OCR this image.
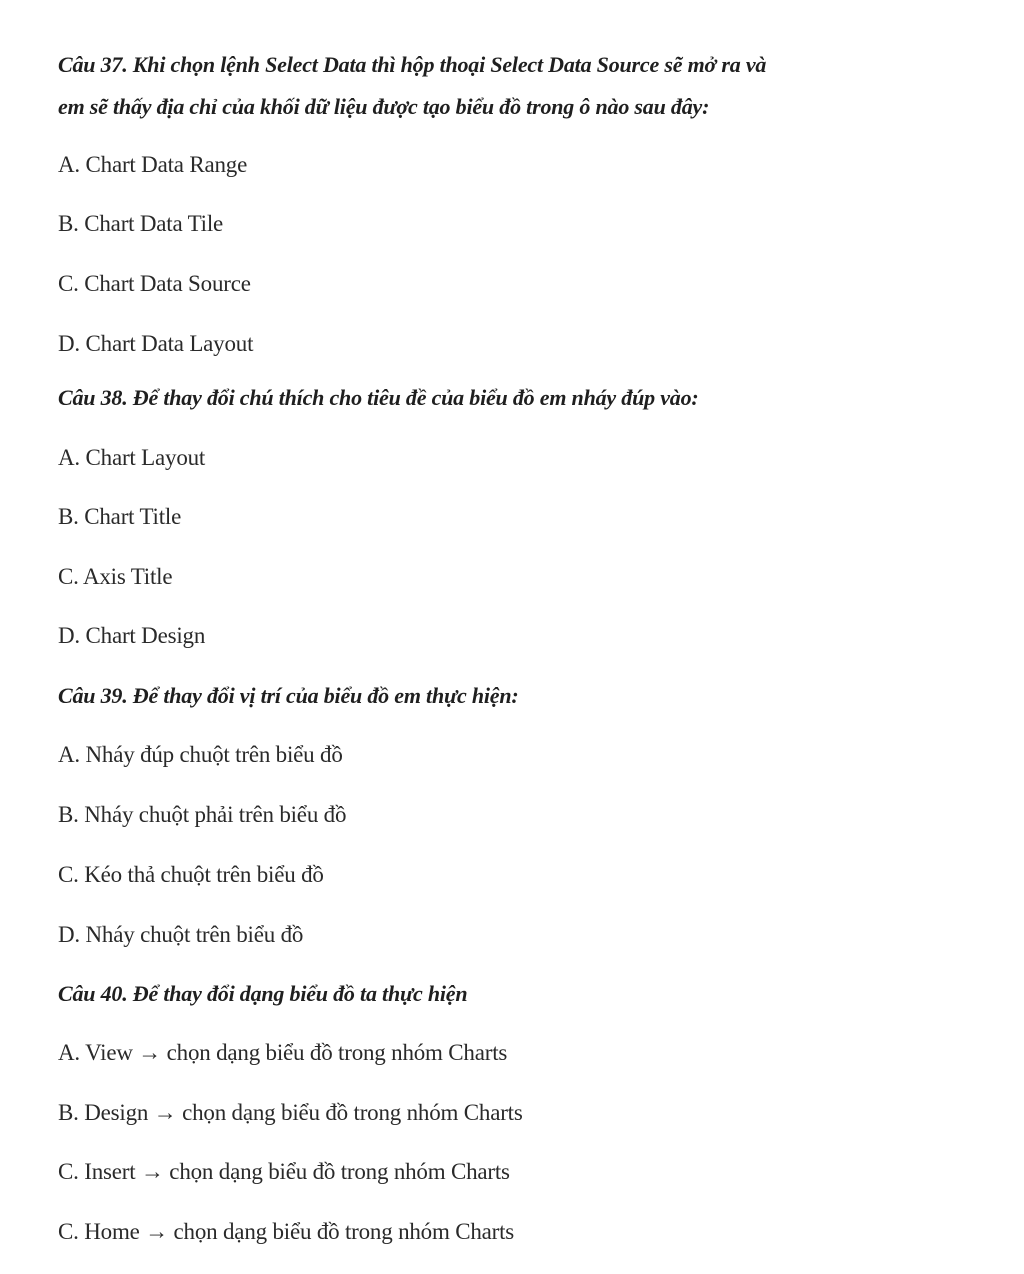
Câu 37. Khi chọn lệnh Select Data thì hộp thoại Select Data Source sẽ mở ra và
em sẽ thấy địa chỉ của khối dữ liệu được tạo biểu đồ trong ô nào sau đây:
A. Chart Data Range
B. Chart Data Tile
C. Chart Data Source
D. Chart Data Layout
Câu 38. Để thay đổi chú thích cho tiêu đề của biểu đồ em nháy đúp vào:
A. Chart Layout
B. Chart Title
C. Axis Title
D. Chart Design
Câu 39. Để thay đổi vị trí của biểu đồ em thực hiện:
A. Nháy đúp chuột trên biểu đồ
B. Nháy chuột phải trên biểu đồ
C. Kéo thả chuột trên biểu đồ
D. Nháy chuột trên biểu đồ
Câu 40. Để thay đổi dạng biểu đồ ta thực hiện
A. View → chọn dạng biểu đồ trong nhóm Charts
B. Design → chọn dạng biểu đồ trong nhóm Charts
C. Insert → chọn dạng biểu đồ trong nhóm Charts
C. Home → chọn dạng biểu đồ trong nhóm Charts
